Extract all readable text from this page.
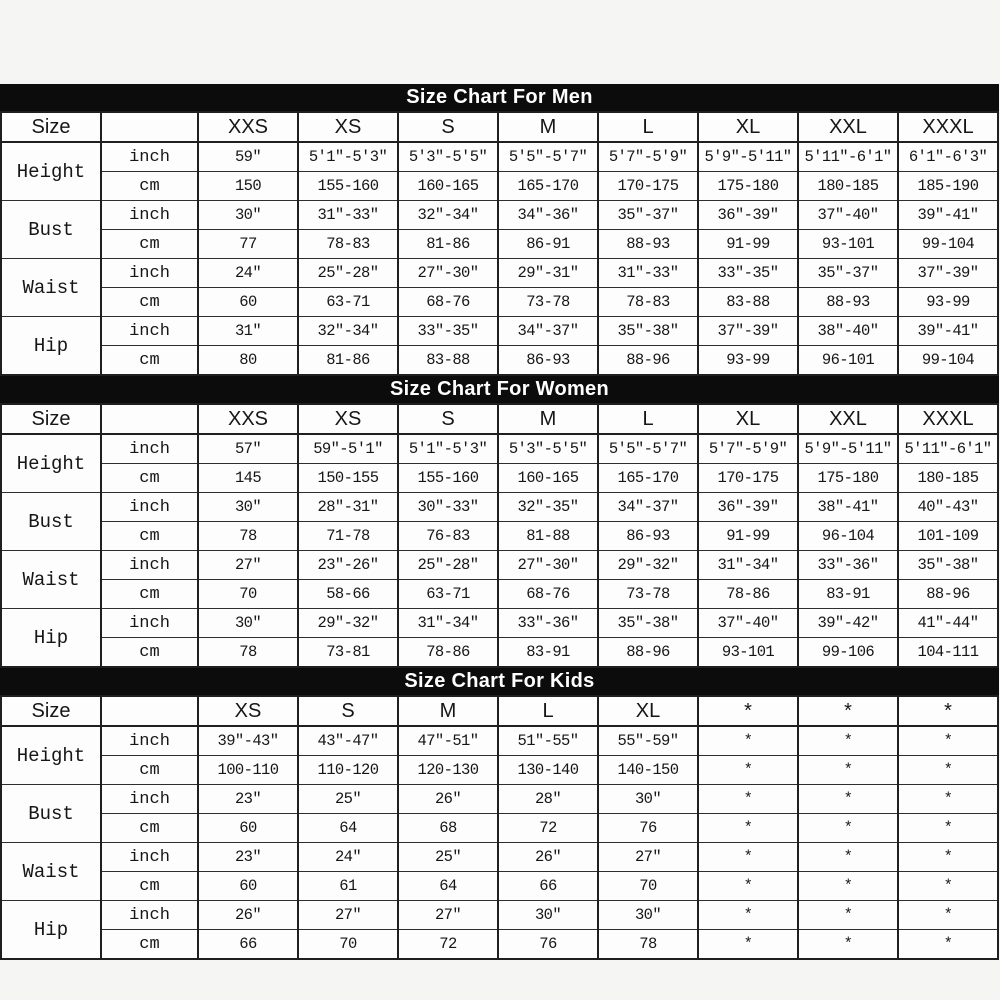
Size Chart For Men
Size		XXS	XS	S	M	L	XL	XXL	XXXL
Height	inch	59″	5′1"-5′3"	5′3"-5′5"	5′5"-5′7"	5′7"-5′9"	5′9"-5′11"	5′11"-6′1"	6′1"-6′3"
	cm	150	155-160	160-165	165-170	170-175	175-180	180-185	185-190
Bust	inch	30″	31"-33"	32"-34"	34"-36"	35"-37"	36"-39"	37"-40"	39"-41"
	cm	77	78-83	81-86	86-91	88-93	91-99	93-101	99-104
Waist	inch	24″	25"-28"	27"-30"	29"-31"	31"-33"	33"-35"	35"-37"	37"-39"
	cm	60	63-71	68-76	73-78	78-83	83-88	88-93	93-99
Hip	inch	31″	32"-34"	33"-35"	34"-37"	35"-38"	37"-39"	38"-40"	39"-41"
	cm	80	81-86	83-88	86-93	88-96	93-99	96-101	99-104
Size Chart For Women
Size		XXS	XS	S	M	L	XL	XXL	XXXL
Height	inch	57″	59"-5′1"	5′1"-5′3"	5′3"-5′5"	5′5"-5′7"	5′7"-5′9"	5′9"-5′11"	5′11"-6′1"
	cm	145	150-155	155-160	160-165	165-170	170-175	175-180	180-185
Bust	inch	30″	28"-31"	30"-33"	32"-35"	34"-37"	36"-39"	38"-41"	40"-43"
	cm	78	71-78	76-83	81-88	86-93	91-99	96-104	101-109
Waist	inch	27″	23"-26"	25"-28"	27"-30"	29"-32"	31"-34"	33"-36"	35"-38"
	cm	70	58-66	63-71	68-76	73-78	78-86	83-91	88-96
Hip	inch	30″	29"-32"	31"-34"	33"-36"	35"-38"	37"-40"	39"-42"	41"-44"
	cm	78	73-81	78-86	83-91	88-96	93-101	99-106	104-111
Size Chart For Kids
Size		XS	S	M	L	XL	*	*	*
Height	inch	39″-43″	43"-47"	47"-51"	51"-55"	55"-59"	*	*	*
	cm	100-110	110-120	120-130	130-140	140-150	*	*	*
Bust	inch	23"	25"	26"	28"	30"	*	*	*
	cm	60	64	68	72	76	*	*	*
Waist	inch	23"	24"	25"	26"	27"	*	*	*
	cm	60	61	64	66	70	*	*	*
Hip	inch	26"	27"	27"	30"	30"	*	*	*
	cm	66	70	72	76	78	*	*	*
